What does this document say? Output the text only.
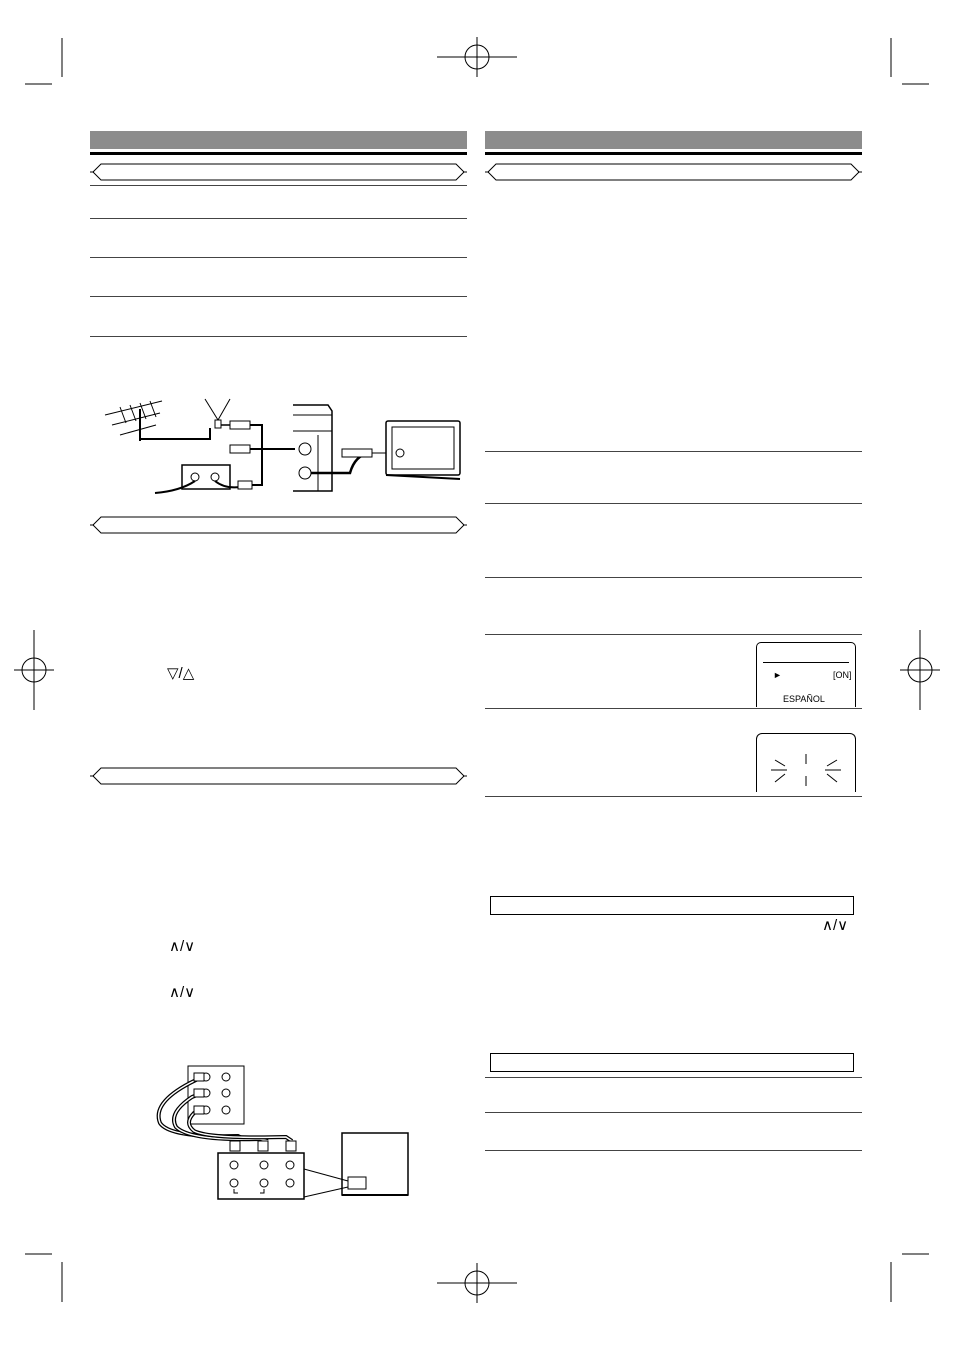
▽/△
∧/∨
∧/∨
►	[ON]
ESPAÑOL
∧/∨
